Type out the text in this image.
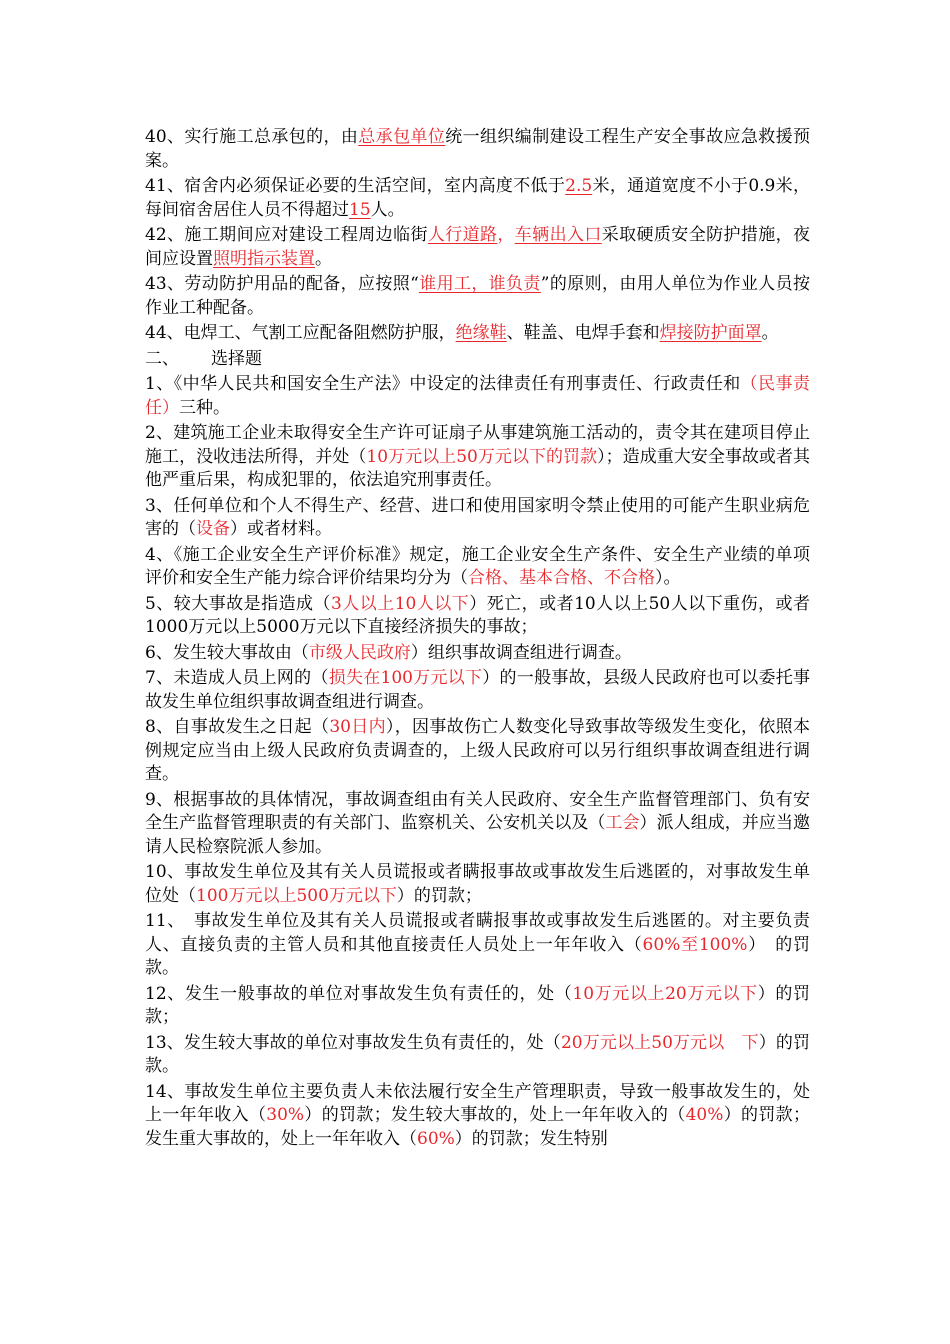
40、实行施工总承包的，由总承包单位统一组织编制建设工程生产安全事故应急救援预案。
41、宿舍内必须保证必要的生活空间，室内高度不低于2.5米，通道宽度不小于0.9米，每间宿舍居住人员不得超过15人。
42、施工期间应对建设工程周边临街人行道路，车辆出入口采取硬质安全防护措施，夜间应设置照明指示装置。
43、劳动防护用品的配备，应按照“谁用工，谁负责”的原则，由用人单位为作业人员按作业工种配备。
44、电焊工、气割工应配备阻燃防护服，绝缘鞋、鞋盖、电焊手套和焊接防护面罩。
二、 选择题
1、《中华人民共和国安全生产法》中设定的法律责任有刑事责任、行政责任和（民事责任）三种。
2、建筑施工企业未取得安全生产许可证扇子从事建筑施工活动的，责令其在建项目停止施工，没收违法所得，并处（10万元以上50万元以下的罚款）；造成重大安全事故或者其他严重后果，构成犯罪的，依法追究刑事责任。
3、任何单位和个人不得生产、经营、进口和使用国家明令禁止使用的可能产生职业病危害的（设备）或者材料。
4、《施工企业安全生产评价标准》规定，施工企业安全生产条件、安全生产业绩的单项评价和安全生产能力综合评价结果均分为（合格、基本合格、不合格）。
5、较大事故是指造成（3人以上10人以下）死亡，或者10人以上50人以下重伤，或者1000万元以上5000万元以下直接经济损失的事故；
6、发生较大事故由（市级人民政府）组织事故调查组进行调查。
7、未造成人员上网的（损失在100万元以下）的一般事故，县级人民政府也可以委托事故发生单位组织事故调查组进行调查。
8、自事故发生之日起（30日内），因事故伤亡人数变化导致事故等级发生变化，依照本例规定应当由上级人民政府负责调查的，上级人民政府可以另行组织事故调查组进行调查。
9、根据事故的具体情况，事故调查组由有关人民政府、安全生产监督管理部门、负有安全生产监督管理职责的有关部门、监察机关、公安机关以及（工会）派人组成，并应当邀请人民检察院派人参加。
10、事故发生单位及其有关人员谎报或者瞒报事故或事故发生后逃匿的，对事故发生单位处（100万元以上500万元以下）的罚款；
11、　事故发生单位及其有关人员谎报或者瞒报事故或事故发生后逃匿的。对主要负责人、直接负责的主管人员和其他直接责任人员处上一年年收入（60%至100%）　的罚款。
12、发生一般事故的单位对事故发生负有责任的，处（10万元以上20万元以下）的罚款；
13、发生较大事故的单位对事故发生负有责任的，处（20万元以上50万元以　下）的罚款。
14、事故发生单位主要负责人未依法履行安全生产管理职责，导致一般事故发生的，处上一年年收入（30%）的罚款；发生较大事故的，处上一年年收入的（40%）的罚款；发生重大事故的，处上一年年收入（60%）的罚款；发生特别
